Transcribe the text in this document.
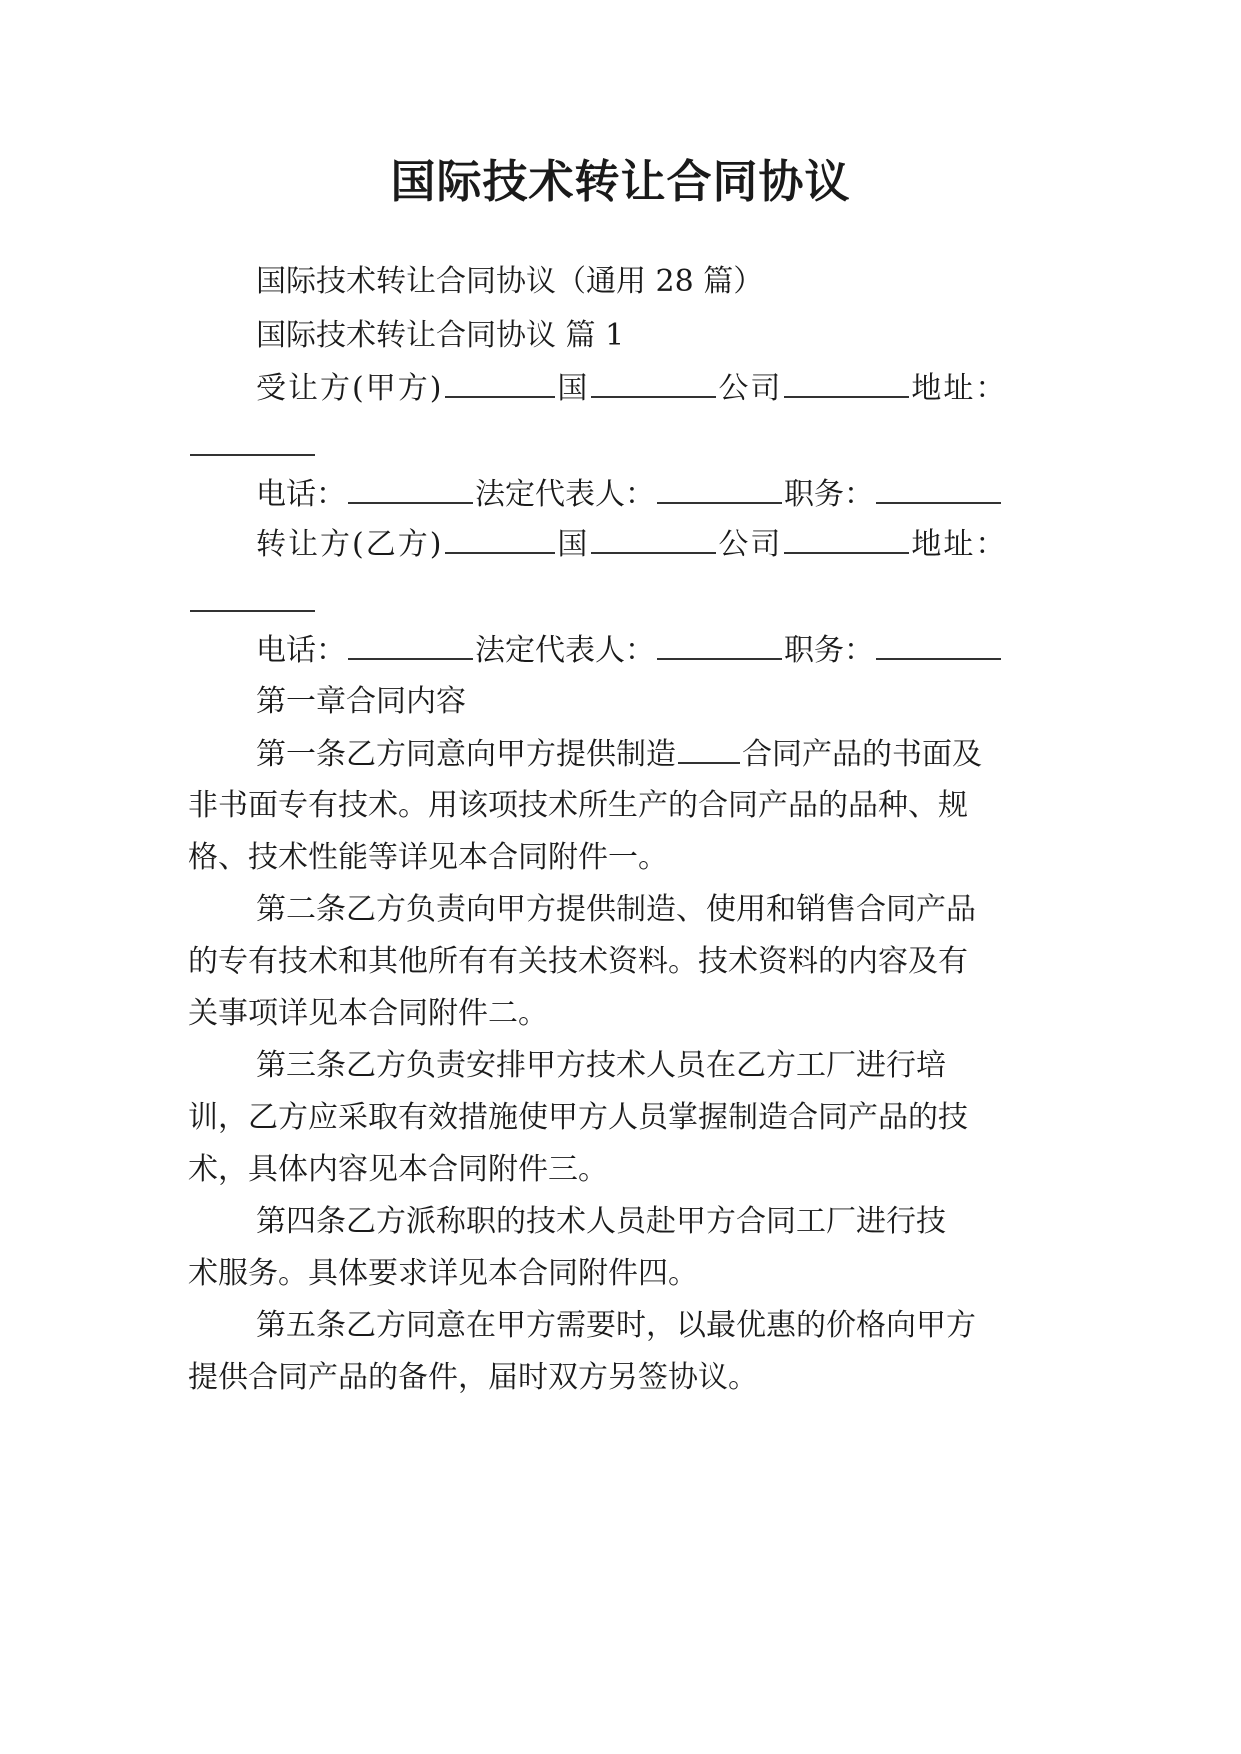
国际技术转让合同协议
国际技术转让合同协议（通用 28 篇）
国际技术转让合同协议 篇 1
受让方(甲方)	国	公司	地址：
电话：	法定代表人：	职务：
转让方(乙方)	国	公司	地址：
电话：	法定代表人：	职务：
第一章合同内容
第一条乙方同意向甲方提供制造 合同产品的书面及
非书面专有技术。用该项技术所生产的合同产品的品种、规
格、技术性能等详见本合同附件一。
第二条乙方负责向甲方提供制造、使用和销售合同产品
的专有技术和其他所有有关技术资料。技术资料的内容及有
关事项详见本合同附件二。
第三条乙方负责安排甲方技术人员在乙方工厂进行培
训，乙方应采取有效措施使甲方人员掌握制造合同产品的技
术，具体内容见本合同附件三。
第四条乙方派称职的技术人员赴甲方合同工厂进行技
术服务。具体要求详见本合同附件四。
第五条乙方同意在甲方需要时，以最优惠的价格向甲方
提供合同产品的备件，届时双方另签协议。
